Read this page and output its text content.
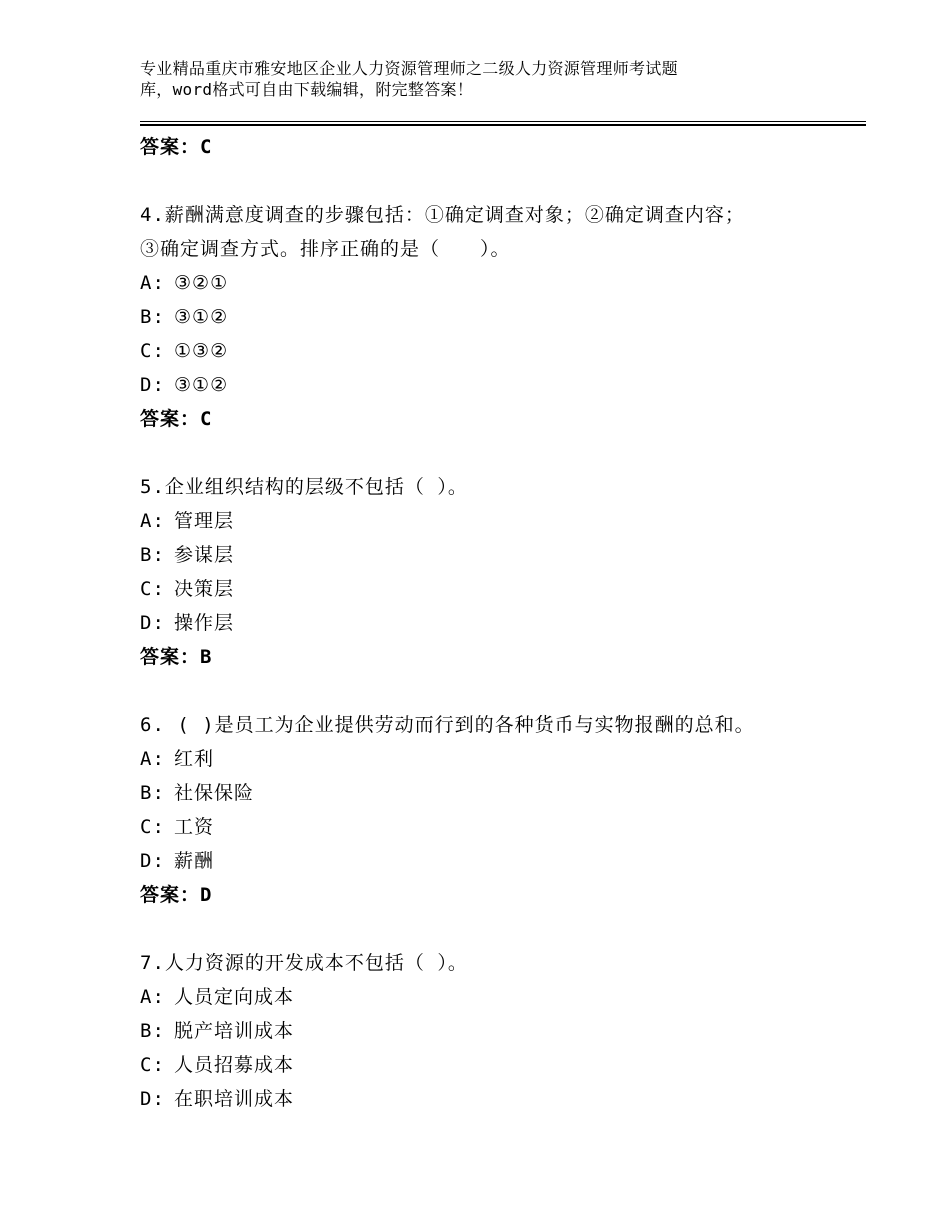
专业精品重庆市雅安地区企业人力资源管理师之二级人力资源管理师考试题
库，word格式可自由下载编辑，附完整答案！
答案：C
4.薪酬满意度调查的步骤包括：①确定调查对象；②确定调查内容；
③确定调查方式。排序正确的是（　　）。
A: ③②①
B: ③①②
C: ①③②
D: ③①②
答案：C
5.企业组织结构的层级不包括（ ）。
A: 管理层
B: 参谋层
C: 决策层
D: 操作层
答案：B
6. ( )是员工为企业提供劳动而行到的各种货币与实物报酬的总和。
A: 红利
B: 社保保险
C: 工资
D: 薪酬
答案：D
7.人力资源的开发成本不包括（ ）。
A: 人员定向成本
B: 脱产培训成本
C: 人员招募成本
D: 在职培训成本
